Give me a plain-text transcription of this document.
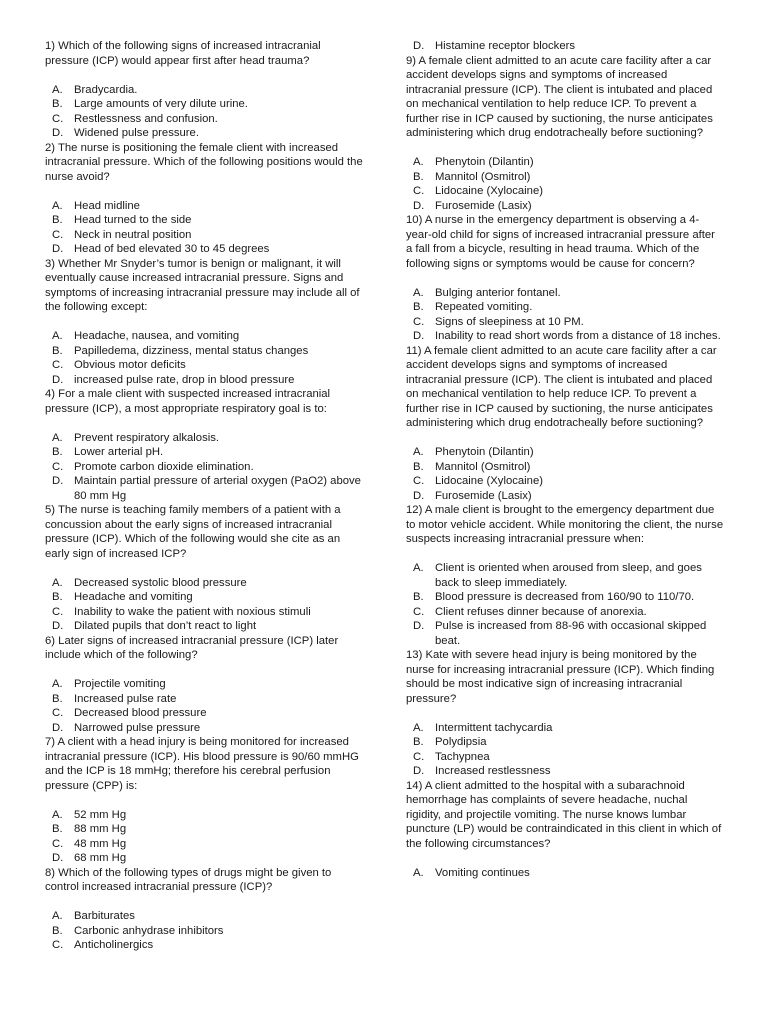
1) Which of the following signs of increased intracranial pressure (ICP) would appear first after head trauma?

A. Bradycardia.
B. Large amounts of very dilute urine.
C. Restlessness and confusion.
D. Widened pulse pressure.

2) The nurse is positioning the female client with increased intracranial pressure. Which of the following positions would the nurse avoid?

A. Head midline
B. Head turned to the side
C. Neck in neutral position
D. Head of bed elevated 30 to 45 degrees

3) Whether Mr Snyder’s tumor is benign or malignant, it will eventually cause increased intracranial pressure. Signs and symptoms of increasing intracranial pressure may include all of the following except:

A. Headache, nausea, and vomiting
B. Papilledema, dizziness, mental status changes
C. Obvious motor deficits
D. increased pulse rate, drop in blood pressure

4) For a male client with suspected increased intracranial pressure (ICP), a most appropriate respiratory goal is to:

A. Prevent respiratory alkalosis.
B. Lower arterial pH.
C. Promote carbon dioxide elimination.
D. Maintain partial pressure of arterial oxygen (PaO2) above 80 mm Hg

5) The nurse is teaching family members of a patient with a concussion about the early signs of increased intracranial pressure (ICP). Which of the following would she cite as an early sign of increased ICP?

A. Decreased systolic blood pressure
B. Headache and vomiting
C. Inability to wake the patient with noxious stimuli
D. Dilated pupils that don’t react to light

6) Later signs of increased intracranial pressure (ICP) later include which of the following?

A. Projectile vomiting
B. Increased pulse rate
C. Decreased blood pressure
D. Narrowed pulse pressure

7) A client with a head injury is being monitored for increased intracranial pressure (ICP). His blood pressure is 90/60 mmHG and the ICP is 18 mmHg; therefore his cerebral perfusion pressure (CPP) is:

A. 52 mm Hg
B. 88 mm Hg
C. 48 mm Hg
D. 68 mm Hg

8) Which of the following types of drugs might be given to control increased intracranial pressure (ICP)?

A. Barbiturates
B. Carbonic anhydrase inhibitors
C. Anticholinergics
D. Histamine receptor blockers

9) A female client admitted to an acute care facility after a car accident develops signs and symptoms of increased intracranial pressure (ICP). The client is intubated and placed on mechanical ventilation to help reduce ICP. To prevent a further rise in ICP caused by suctioning, the nurse anticipates administering which drug endotracheally before suctioning?

A. Phenytoin (Dilantin)
B. Mannitol (Osmitrol)
C. Lidocaine (Xylocaine)
D. Furosemide (Lasix)

10) A nurse in the emergency department is observing a 4-year-old child for signs of increased intracranial pressure after a fall from a bicycle, resulting in head trauma. Which of the following signs or symptoms would be cause for concern?

A. Bulging anterior fontanel.
B. Repeated vomiting.
C. Signs of sleepiness at 10 PM.
D. Inability to read short words from a distance of 18 inches.

11) A female client admitted to an acute care facility after a car accident develops signs and symptoms of increased intracranial pressure (ICP). The client is intubated and placed on mechanical ventilation to help reduce ICP. To prevent a further rise in ICP caused by suctioning, the nurse anticipates administering which drug endotracheally before suctioning?

A. Phenytoin (Dilantin)
B. Mannitol (Osmitrol)
C. Lidocaine (Xylocaine)
D. Furosemide (Lasix)

12) A male client is brought to the emergency department due to motor vehicle accident. While monitoring the client, the nurse suspects increasing intracranial pressure when:

A. Client is oriented when aroused from sleep, and goes back to sleep immediately.
B. Blood pressure is decreased from 160/90 to 110/70.
C. Client refuses dinner because of anorexia.
D. Pulse is increased from 88-96 with occasional skipped beat.

13) Kate with severe head injury is being monitored by the nurse for increasing intracranial pressure (ICP). Which finding should be most indicative sign of increasing intracranial pressure?

A. Intermittent tachycardia
B. Polydipsia
C. Tachypnea
D. Increased restlessness

14) A client admitted to the hospital with a subarachnoid hemorrhage has complaints of severe headache, nuchal rigidity, and projectile vomiting. The nurse knows lumbar puncture (LP) would be contraindicated in this client in which of the following circumstances?

A. Vomiting continues
